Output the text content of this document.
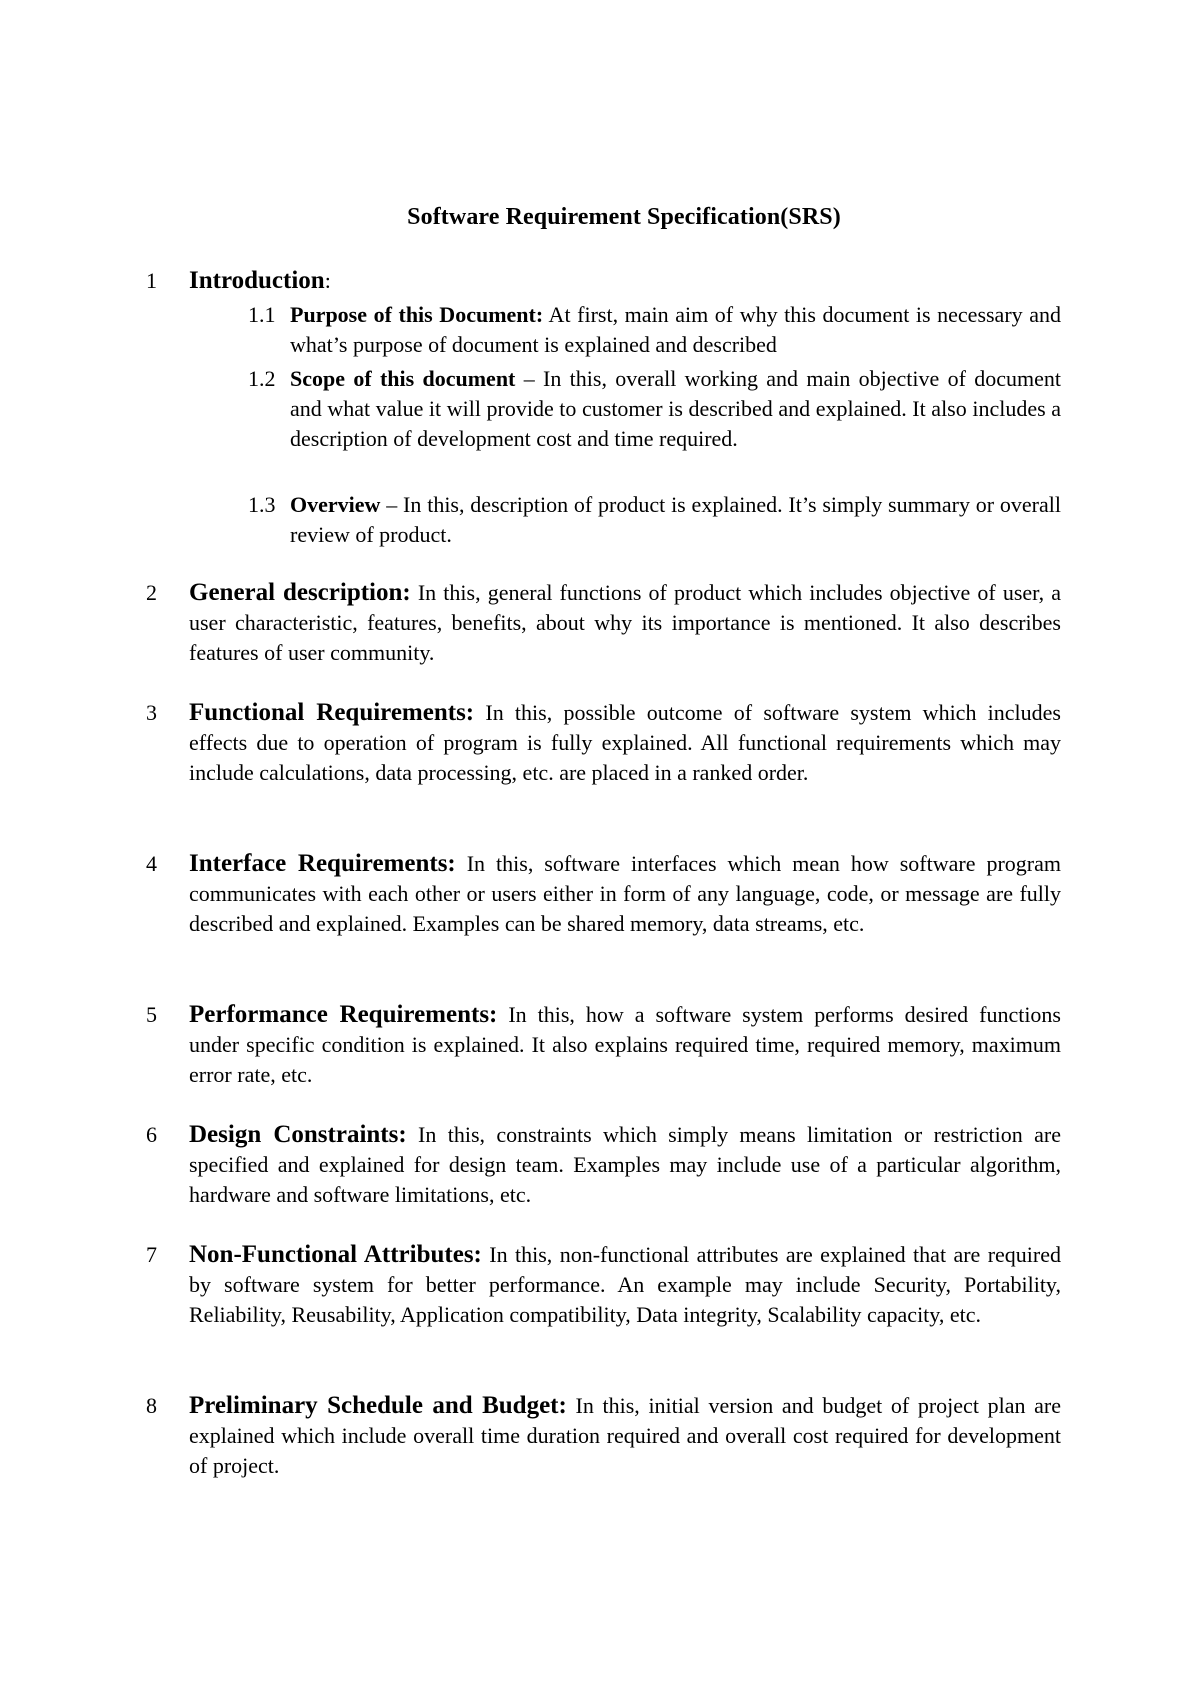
Software Requirement Specification(SRS)
1 Introduction:
1.1 Purpose of this Document: At first, main aim of why this document is necessary and what’s purpose of document is explained and described
1.2 Scope of this document – In this, overall working and main objective of document and what value it will provide to customer is described and explained. It also includes a description of development cost and time required.
1.3 Overview – In this, description of product is explained. It’s simply summary or overall review of product.
2 General description: In this, general functions of product which includes objective of user, a user characteristic, features, benefits, about why its importance is mentioned. It also describes features of user community.
3 Functional Requirements: In this, possible outcome of software system which includes effects due to operation of program is fully explained. All functional requirements which may include calculations, data processing, etc. are placed in a ranked order.
4 Interface Requirements: In this, software interfaces which mean how software program communicates with each other or users either in form of any language, code, or message are fully described and explained. Examples can be shared memory, data streams, etc.
5 Performance Requirements: In this, how a software system performs desired functions under specific condition is explained. It also explains required time, required memory, maximum error rate, etc.
6 Design Constraints: In this, constraints which simply means limitation or restriction are specified and explained for design team. Examples may include use of a particular algorithm, hardware and software limitations, etc.
7 Non-Functional Attributes: In this, non-functional attributes are explained that are required by software system for better performance. An example may include Security, Portability, Reliability, Reusability, Application compatibility, Data integrity, Scalability capacity, etc.
8 Preliminary Schedule and Budget: In this, initial version and budget of project plan are explained which include overall time duration required and overall cost required for development of project.
